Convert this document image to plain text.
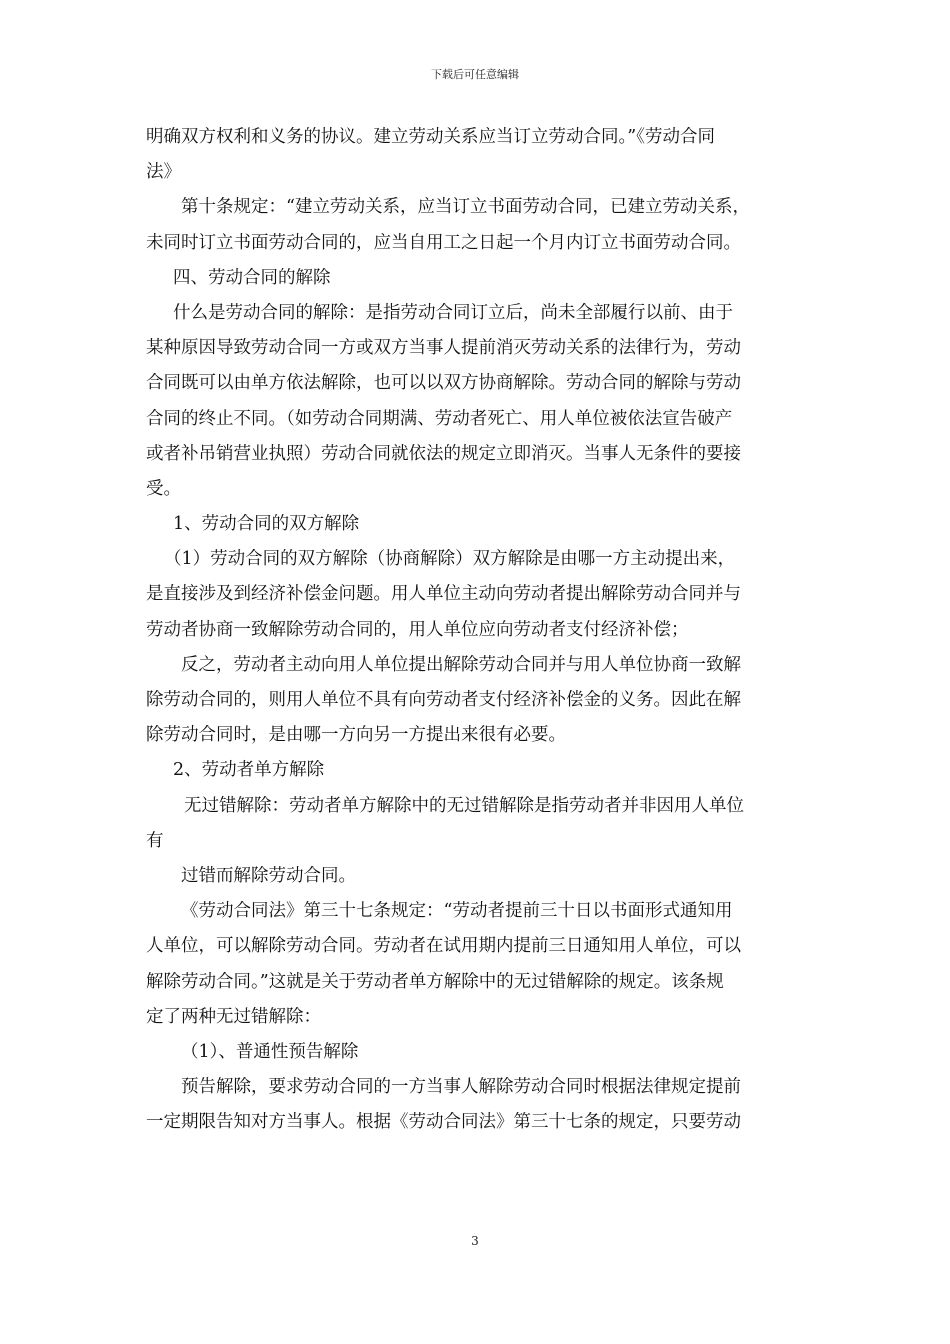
下载后可任意编辑
明确双方权利和义务的协议。建立劳动关系应当订立劳动合同。”《劳动合同
法》
第十条规定：“建立劳动关系，应当订立书面劳动合同，已建立劳动关系，
未同时订立书面劳动合同的，应当自用工之日起一个月内订立书面劳动合同。
四、劳动合同的解除
什么是劳动合同的解除：是指劳动合同订立后，尚未全部履行以前、由于
某种原因导致劳动合同一方或双方当事人提前消灭劳动关系的法律行为，劳动
合同既可以由单方依法解除，也可以以双方协商解除。劳动合同的解除与劳动
合同的终止不同。（如劳动合同期满、劳动者死亡、用人单位被依法宣告破产
或者补吊销营业执照）劳动合同就依法的规定立即消灭。当事人无条件的要接
受。
1、劳动合同的双方解除
（1）劳动合同的双方解除（协商解除）双方解除是由哪一方主动提出来，
是直接涉及到经济补偿金问题。用人单位主动向劳动者提出解除劳动合同并与
劳动者协商一致解除劳动合同的，用人单位应向劳动者支付经济补偿；
反之，劳动者主动向用人单位提出解除劳动合同并与用人单位协商一致解
除劳动合同的，则用人单位不具有向劳动者支付经济补偿金的义务。因此在解
除劳动合同时，是由哪一方向另一方提出来很有必要。
2、劳动者单方解除
无过错解除：劳动者单方解除中的无过错解除是指劳动者并非因用人单位
有
过错而解除劳动合同。
《劳动合同法》第三十七条规定：“劳动者提前三十日以书面形式通知用
人单位，可以解除劳动合同。劳动者在试用期内提前三日通知用人单位，可以
解除劳动合同。”这就是关于劳动者单方解除中的无过错解除的规定。该条规
定了两种无过错解除：
（1）、普通性预告解除
预告解除，要求劳动合同的一方当事人解除劳动合同时根据法律规定提前
一定期限告知对方当事人。根据《劳动合同法》第三十七条的规定，只要劳动
3
